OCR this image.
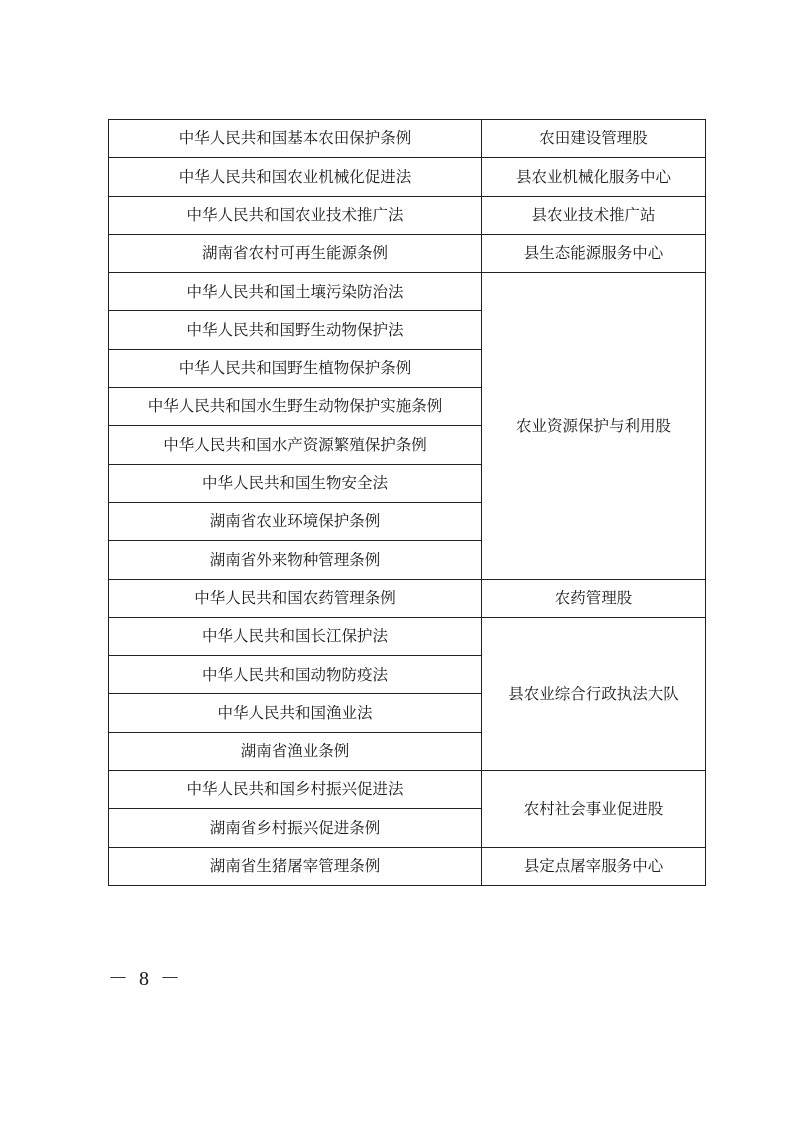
中华人民共和国基本农田保护条例	农田建设管理股
中华人民共和国农业机械化促进法	县农业机械化服务中心
中华人民共和国农业技术推广法	县农业技术推广站
湖南省农村可再生能源条例	县生态能源服务中心
中华人民共和国土壤污染防治法	农业资源保护与利用股
中华人民共和国野生动物保护法	
中华人民共和国野生植物保护条例	
中华人民共和国水生野生动物保护实施条例	
中华人民共和国水产资源繁殖保护条例	
中华人民共和国生物安全法	
湖南省农业环境保护条例	
湖南省外来物种管理条例	
中华人民共和国农药管理条例	农药管理股
中华人民共和国长江保护法	县农业综合行政执法大队
中华人民共和国动物防疫法	
中华人民共和国渔业法	
湖南省渔业条例	
中华人民共和国乡村振兴促进法	农村社会事业促进股
湖南省乡村振兴促进条例	
湖南省生猪屠宰管理条例	县定点屠宰服务中心
－ 8 －
